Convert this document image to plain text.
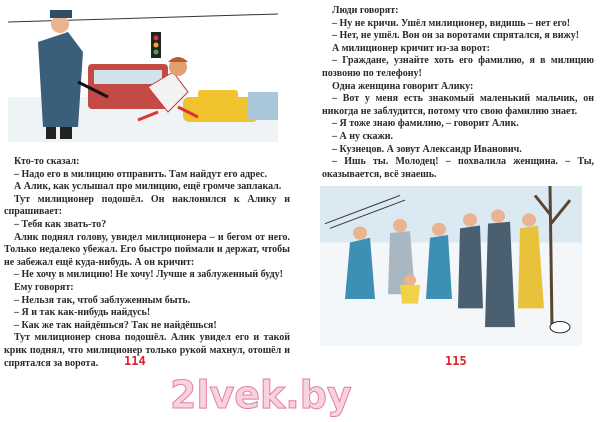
Кто-то сказал:

– Надо его в милицию отправить. Там найдут его адрес.

А Алик, как услышал про милицию, ещё громче заплакал.

Тут милиционер подошёл. Он наклонился к Алику и спрашивает:

– Тебя как звать-то?

Алик поднял голову, увидел милиционера – и бегом от него. Только недалеко убежал. Его быстро поймали и держат, чтобы не забежал ещё куда-нибудь. А он кричит:

– Не хочу в милицию! Не хочу! Лучше я заблуженный буду!

Ему говорят:

– Нельзя так, чтоб заблуженным быть.

– Я и так как-нибудь найдусь!

– Как же так найдёшься? Так не найдёшься!

Тут милиционер снова подошёл. Алик увидел его и такой крик поднял, что милиционер только рукой махнул, отошёл и спрятался за ворота.	114

Люди говорят:

– Ну не кричи. Ушёл милиционер, видишь – нет его!

– Нет, не ушёл. Вон он за воротами спрятался, я вижу!

А милиционер кричит из-за ворот:

– Граждане, узнайте хоть его фамилию, я в милицию позвоню по телефону!

Одна женщина говорит Алику:

– Вот у меня есть знакомый маленький мальчик, он никогда не заблудится, потому что свою фамилию знает.

– Я тоже знаю фамилию, – говорит Алик.

– А ну скажи.

– Кузнецов. А зовут Александр Иванович.

– Ишь ты. Молодец! – похвалила женщина. – Ты, оказывается, всё знаешь.

115
2lvek.by
